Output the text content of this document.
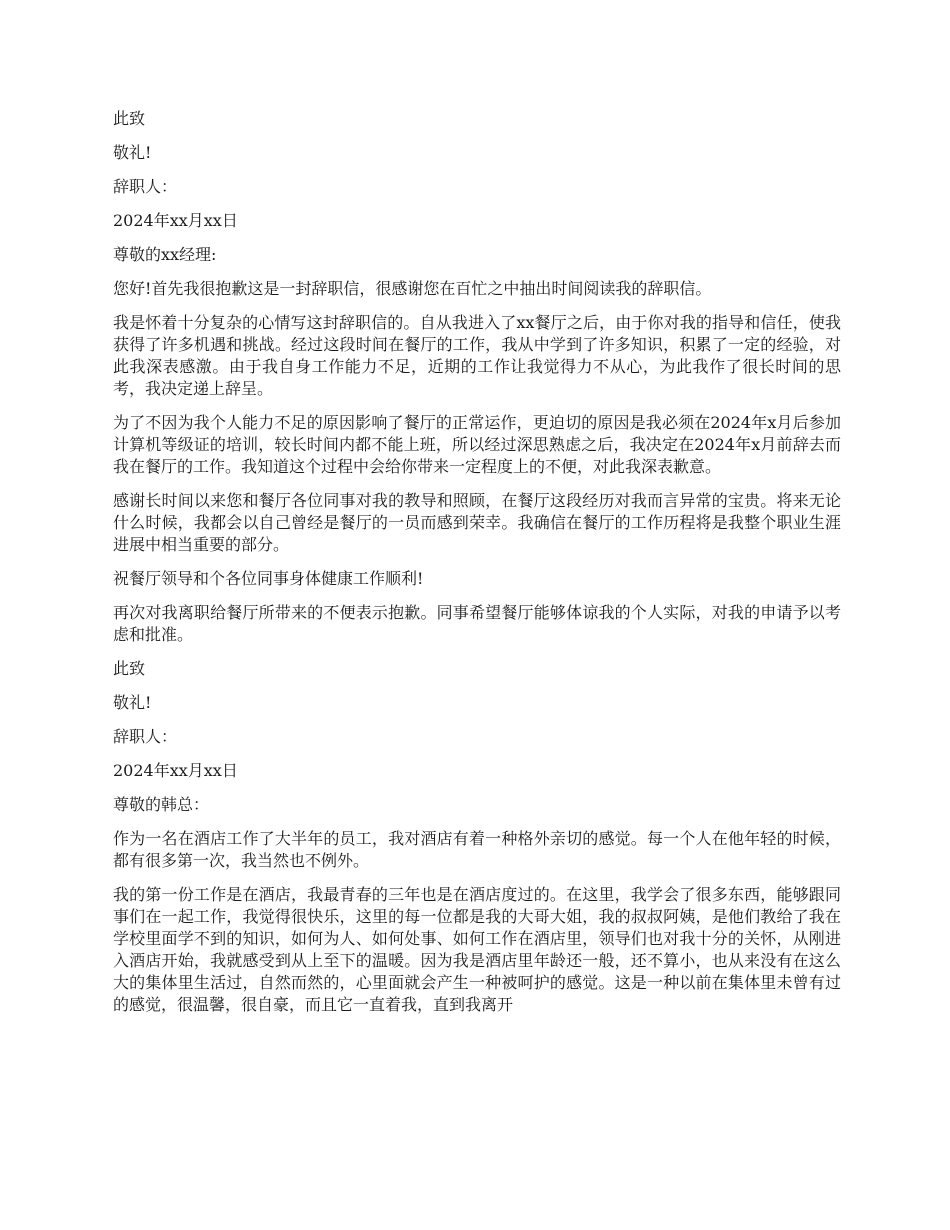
此致

敬礼!

辞职人：

2024年xx月xx日

尊敬的xx经理:

您好!首先我很抱歉这是一封辞职信，很感谢您在百忙之中抽出时间阅读我的辞职信。

我是怀着十分复杂的心情写这封辞职信的。自从我进入了xx餐厅之后，由于你对我的指导和信任，使我获得了许多机遇和挑战。经过这段时间在餐厅的工作，我从中学到了许多知识，积累了一定的经验，对此我深表感激。由于我自身工作能力不足，近期的工作让我觉得力不从心，为此我作了很长时间的思考，我决定递上辞呈。

为了不因为我个人能力不足的原因影响了餐厅的正常运作，更迫切的原因是我必须在2024年x月后参加计算机等级证的培训，较长时间内都不能上班，所以经过深思熟虑之后，我决定在2024年x月前辞去而我在餐厅的工作。我知道这个过程中会给你带来一定程度上的不便，对此我深表歉意。

感谢长时间以来您和餐厅各位同事对我的教导和照顾，在餐厅这段经历对我而言异常的宝贵。将来无论什么时候，我都会以自己曾经是餐厅的一员而感到荣幸。我确信在餐厅的工作历程将是我整个职业生涯进展中相当重要的部分。

祝餐厅领导和个各位同事身体健康工作顺利!

再次对我离职给餐厅所带来的不便表示抱歉。同事希望餐厅能够体谅我的个人实际，对我的申请予以考虑和批准。

此致

敬礼!

辞职人：

2024年xx月xx日

尊敬的韩总：

作为一名在酒店工作了大半年的员工，我对酒店有着一种格外亲切的感觉。每一个人在他年轻的时候，都有很多第一次，我当然也不例外。

我的第一份工作是在酒店，我最青春的三年也是在酒店度过的。在这里，我学会了很多东西，能够跟同事们在一起工作，我觉得很快乐，这里的每一位都是我的大哥大姐，我的叔叔阿姨，是他们教给了我在学校里面学不到的知识，如何为人、如何处事、如何工作在酒店里，领导们也对我十分的关怀，从刚进入酒店开始，我就感受到从上至下的温暖。因为我是酒店里年龄还一般，还不算小，也从来没有在这么大的集体里生活过，自然而然的，心里面就会产生一种被呵护的感觉。这是一种以前在集体里未曾有过的感觉，很温馨，很自豪，而且它一直着我，直到我离开
